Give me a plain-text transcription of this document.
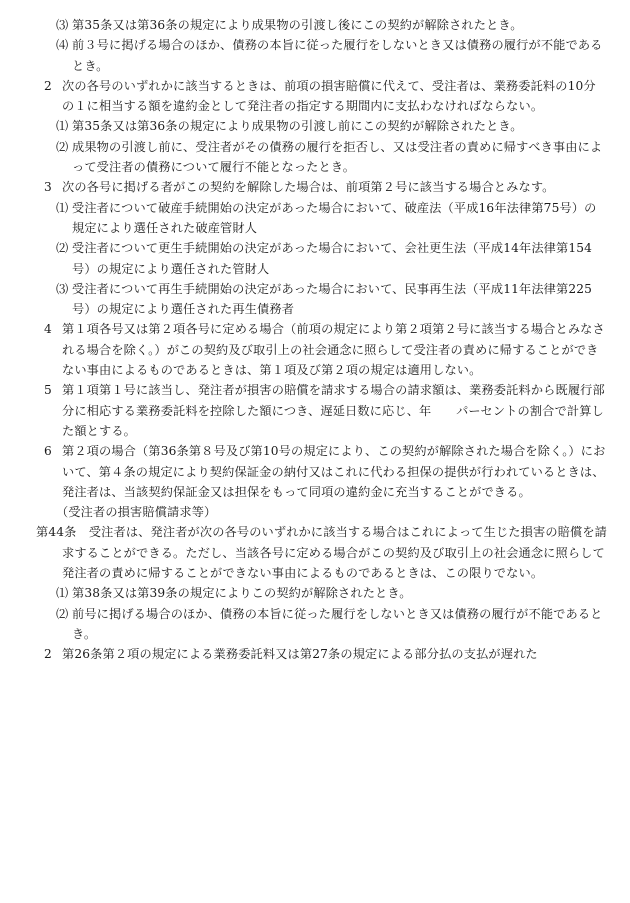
⑶ 第35条又は第36条の規定により成果物の引渡し後にこの契約が解除されたとき。

⑷ 前３号に掲げる場合のほか、債務の本旨に従った履行をしないとき又は債務の履行が不能であるとき。

2 次の各号のいずれかに該当するときは、前項の損害賠償に代えて、受注者は、業務委託料の10分の１に相当する額を違約金として発注者の指定する期間内に支払わなければならない。

⑴ 第35条又は第36条の規定により成果物の引渡し前にこの契約が解除されたとき。

⑵ 成果物の引渡し前に、受注者がその債務の履行を拒否し、又は受注者の責めに帰すべき事由によって受注者の債務について履行不能となったとき。

3 次の各号に掲げる者がこの契約を解除した場合は、前項第２号に該当する場合とみなす。

⑴ 受注者について破産手続開始の決定があった場合において、破産法（平成16年法律第75号）の規定により選任された破産管財人

⑵ 受注者について更生手続開始の決定があった場合において、会社更生法（平成14年法律第154号）の規定により選任された管財人

⑶ 受注者について再生手続開始の決定があった場合において、民事再生法（平成11年法律第225号）の規定により選任された再生債務者

4 第１項各号又は第２項各号に定める場合（前項の規定により第２項第２号に該当する場合とみなされる場合を除く。）がこの契約及び取引上の社会通念に照らして受注者の責めに帰することができない事由によるものであるときは、第１項及び第２項の規定は適用しない。

5 第１項第１号に該当し、発注者が損害の賠償を請求する場合の請求額は、業務委託料から既履行部分に相応する業務委託料を控除した額につき、遅延日数に応じ、年　　パーセントの割合で計算した額とする。

6 第２項の場合（第36条第８号及び第10号の規定により、この契約が解除された場合を除く。）において、第４条の規定により契約保証金の納付又はこれに代わる担保の提供が行われているときは、発注者は、当該契約保証金又は担保をもって同項の違約金に充当することができる。

（受注者の損害賠償請求等）

第44条　 受注者は、発注者が次の各号のいずれかに該当する場合はこれによって生じた損害の賠償を請求することができる。ただし、当該各号に定める場合がこの契約及び取引上の社会通念に照らして発注者の責めに帰することができない事由によるものであるときは、この限りでない。

⑴ 第38条又は第39条の規定によりこの契約が解除されたとき。

⑵ 前号に掲げる場合のほか、債務の本旨に従った履行をしないとき又は債務の履行が不能であるとき。

2 第26条第２項の規定による業務委託料又は第27条の規定による部分払の支払が遅れた
